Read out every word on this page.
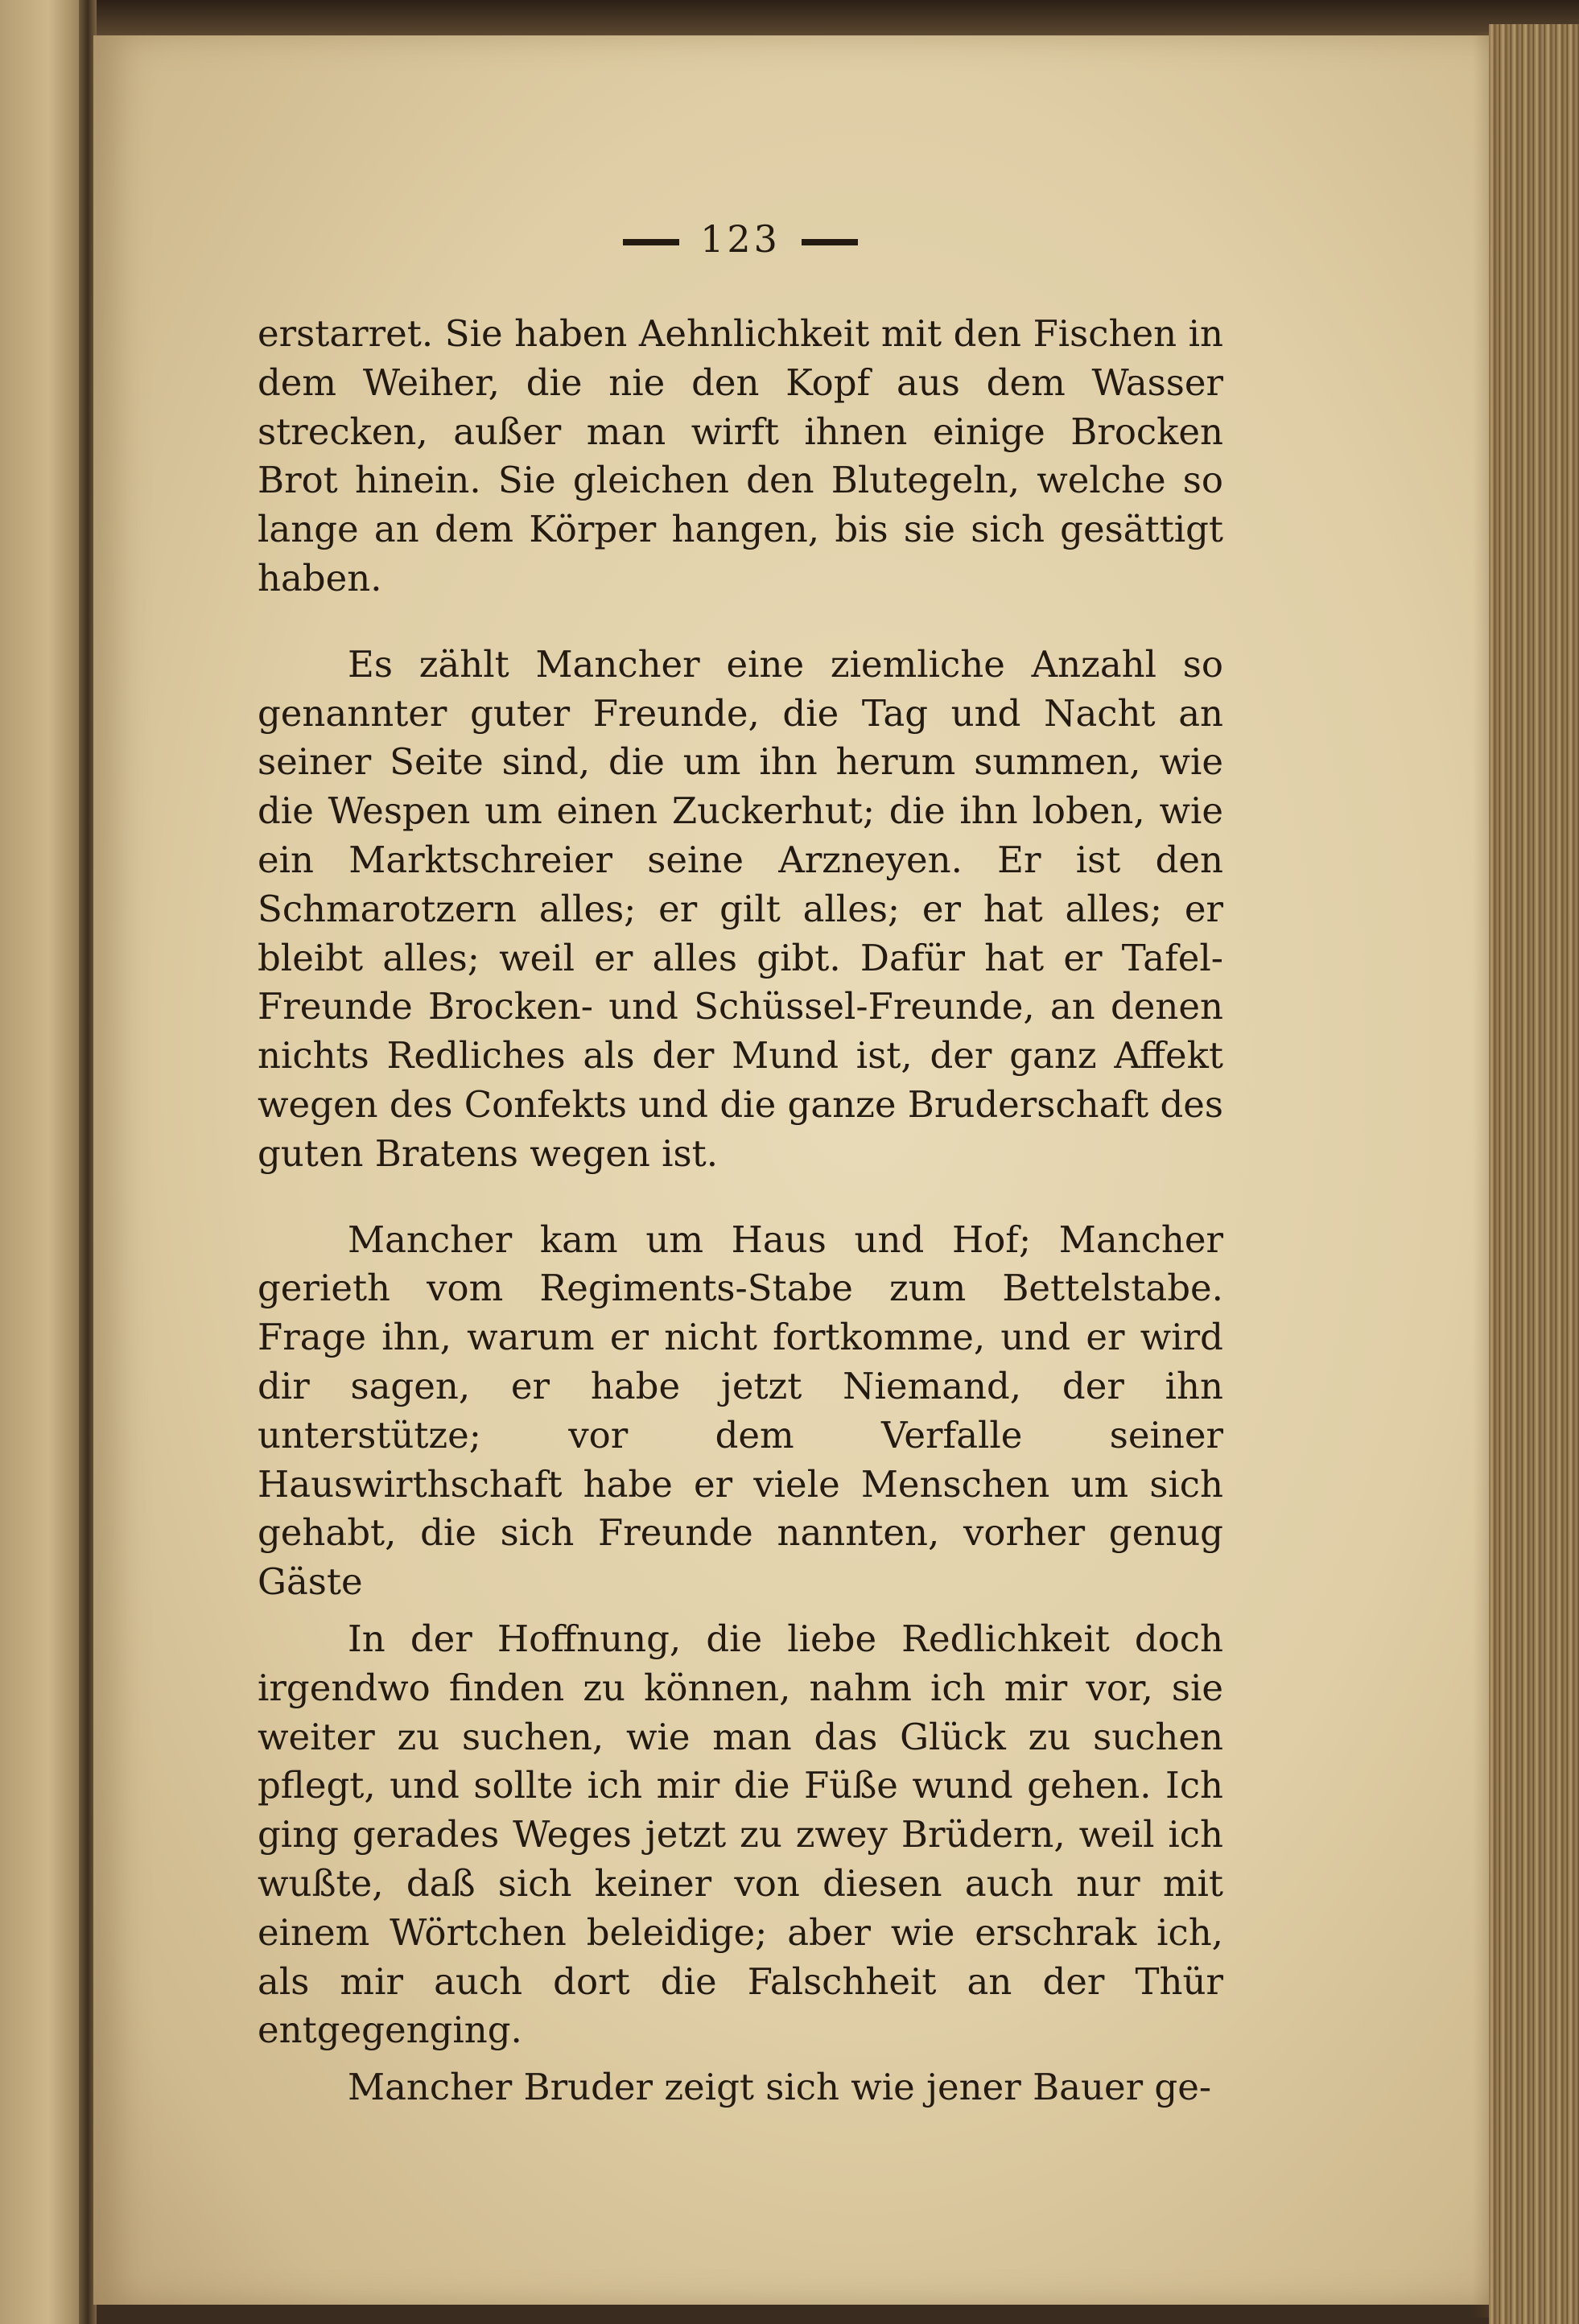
123

erstarret. Sie haben Aehnlichkeit mit den Fischen in dem Weiher, die nie den Kopf aus dem Wasser strecken, außer man wirft ihnen einige Brocken Brot hinein. Sie gleichen den Blutegeln, welche so lange an dem Körper hangen, bis sie sich gesättigt haben.

Es zählt Mancher eine ziemliche Anzahl so genannter guter Freunde, die Tag und Nacht an seiner Seite sind, die um ihn herum summen, wie die Wespen um einen Zuckerhut; die ihn loben, wie ein Marktschreier seine Arzneyen. Er ist den Schmarotzern alles; er gilt alles; er hat alles; er bleibt alles; weil er alles gibt. Dafür hat er Tafel-Freunde Brocken- und Schüssel-Freunde, an denen nichts Redliches als der Mund ist, der ganz Affekt wegen des Confekts und die ganze Bruderschaft des guten Bratens wegen ist.

Mancher kam um Haus und Hof; Mancher gerieth vom Regiments-Stabe zum Bettelstabe. Frage ihn, warum er nicht fortkomme, und er wird dir sagen, er habe jetzt Niemand, der ihn unterstütze; vor dem Verfalle seiner Hauswirthschaft habe er viele Menschen um sich gehabt, die sich Freunde nannten, vorher genug Gäste

In der Hoffnung, die liebe Redlichkeit doch irgendwo finden zu können, nahm ich mir vor, sie weiter zu suchen, wie man das Glück zu suchen pflegt, und sollte ich mir die Füße wund gehen. Ich ging gerades Weges jetzt zu zwey Brüdern, weil ich wußte, daß sich keiner von diesen auch nur mit einem Wörtchen beleidige; aber wie erschrak ich, als mir auch dort die Falschheit an der Thür entgegenging.

Mancher Bruder zeigt sich wie jener Bauer ge-
